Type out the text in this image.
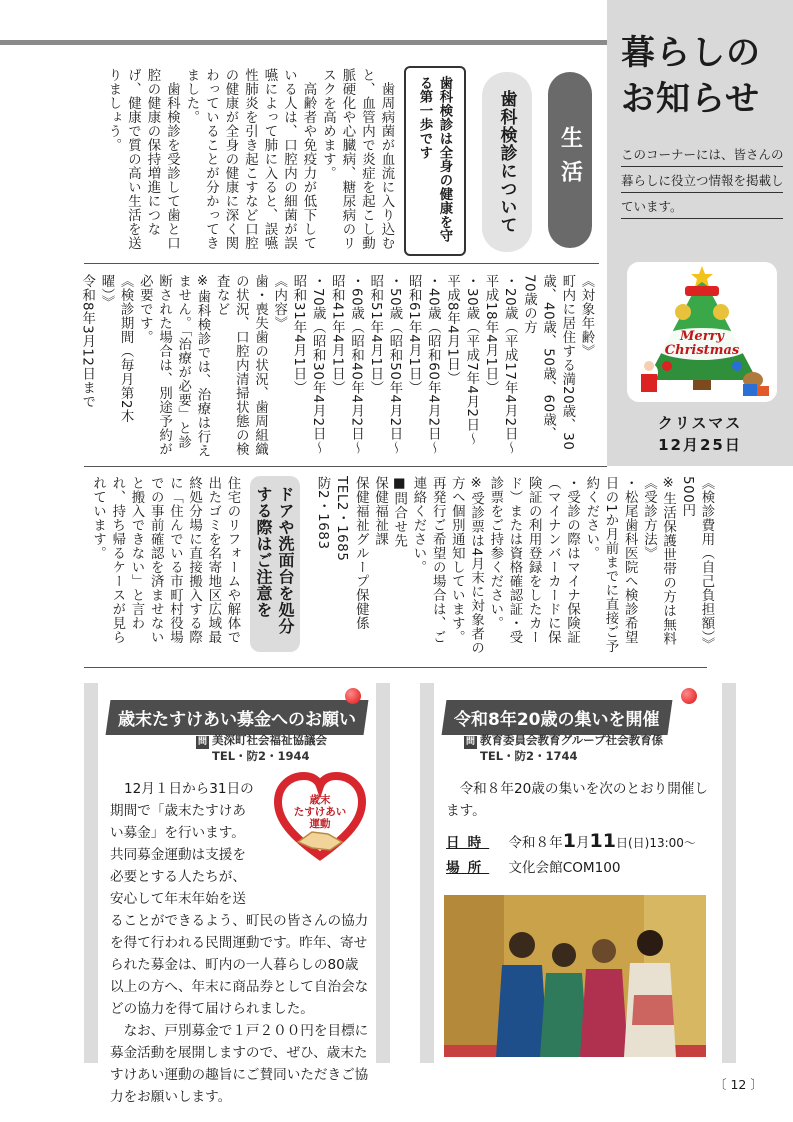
暮らしの
お知らせ
このコーナーには、皆さんの
暮らしに役立つ情報を掲載し
ています。
Merry
Christmas
クリスマス
12月25日
生活
歯科検診について
歯科検診は全身の健康を守る第一歩です
　歯周病菌が血流に入り込むと、血管内で炎症を起こし動脈硬化や心臓病、糖尿病のリスクを高めます。
　高齢者や免疫力が低下している人は、口腔内の細菌が誤嚥によって肺に入ると、誤嚥性肺炎を引き起こすなど口腔の健康が全身の健康に深く関わっていることが分かってきました。
　歯科検診を受診して歯と口腔の健康の保持増進につなげ、健康で質の高い生活を送りましょう。
《対象年齢》
町内に居住する満20歳、30歳、40歳、50歳、60歳、70歳の方
・20歳（平成17年4月2日〜平成18年4月1日）
・30歳（平成7年4月2日〜平成8年4月1日）
・40歳（昭和60年4月2日〜昭和61年4月1日）
・50歳（昭和50年4月2日〜昭和51年4月1日）
・60歳（昭和40年4月2日〜昭和41年4月1日）
・70歳（昭和30年4月2日〜昭和31年4月1日）
《内容》
歯・喪失歯の状況、歯周組織の状況、口腔内清掃状態の検査など
※歯科検診では、治療は行えません。「治療が必要」と診断された場合は、別途予約が必要です。
《検診期間（毎月第2木曜）》
令和8年3月12日まで
《検診費用（自己負担額）》
500円
※生活保護世帯の方は無料
《受診方法》
・松尾歯科医院へ検診希望日の1か月前までに直接ご予約ください。
・受診の際はマイナ保険証（マイナンバーカードに保険証の利用登録をしたカード）または資格確認証・受診票をご持参ください。
※受診票は4月末に対象者の方へ個別通知しています。再発行ご希望の場合は、ご連絡ください。
■問合せ先
保健福祉課
保健福祉グループ保健係
TEL2・1685
防2・1683
ドアや洗面台を処分する際はご注意を
住宅のリフォームや解体で出たゴミを名寄地区広域最終処分場に直接搬入する際に「住んでいる市町村役場での事前確認を済ませないと搬入できない」と言われ、持ち帰るケースが見られています。
歳末たすけあい募金へのお願い
問 美深町社会福祉協議会
TEL・防2・1944
歳末
たすけあい
運動
12月１日から31日の
期間で「歳末たすけあ
い募金」を行います。
共同募金運動は支援を
必要とする人たちが、
安心して年末年始を送
ることができるよう、町民の皆さんの協力を得て行われる民間運動です。昨年、寄せられた募金は、町内の一人暮らしの80歳以上の方へ、年末に商品券として自治会などの協力を得て届けられました。

なお、戸別募金で１戸２００円を目標に募金活動を展開しますので、ぜひ、歳末たすけあい運動の趣旨にご賛同いただきご協力をお願いします。

令和8年20歳の集いを開催
問 教育委員会教育グループ社会教育係
TEL・防2・1744

令和８年20歳の集いを次のとおり開催します。

日時 令和８年1月11日(日)13:00〜
場所 文化会館COM100
〔 12 〕
